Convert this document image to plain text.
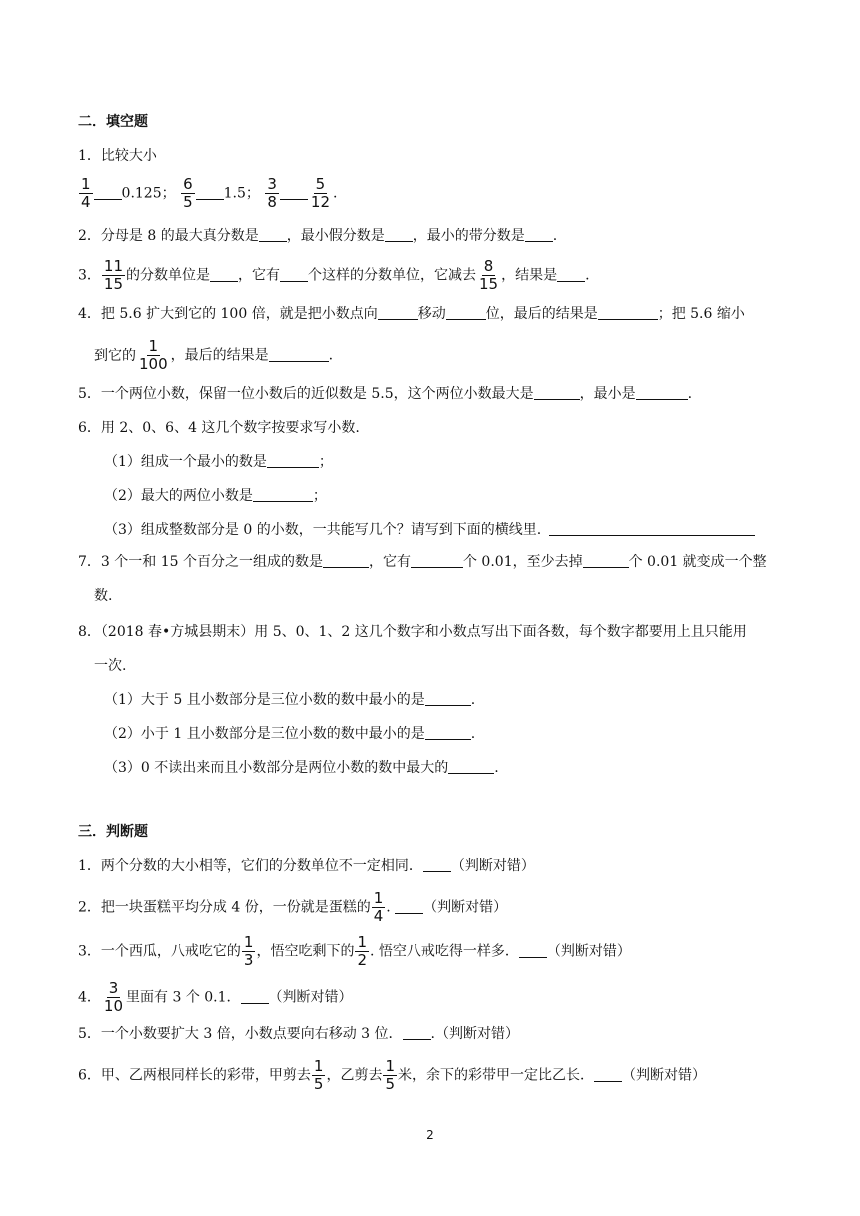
二．填空题
1．比较大小
$\frac{1}{4} 0.125$； $\frac{6}{5} 1.5$； $\frac{3}{8} \frac{5}{12}$ .
2．分母是 8 的最大真分数是 ，最小假分数是 ，最小的带分数是 .
3． $\frac{11}{15}$ 的分数单位是 ，它有 个这样的分数单位，它减去 $\frac{8}{15}$ ，结果是 .
4．把 5.6 扩大到它的 100 倍，就是把小数点向	移动	位，最后的结果是	；把 5.6 缩小
到它的 $\frac{1}{100}$ ，最后的结果是	.
5．一个两位小数，保留一位小数后的近似数是 5.5，这个两位小数最大是	，最小是	.
6．用 2、0、6、4 这几个数字按要求写小数.
（1）组成一个最小的数是	；
（2）最大的两位小数是	；
（3）组成整数部分是 0 的小数，一共能写几个？请写到下面的横线里.
7．3 个一和 15 个百分之一组成的数是	，它有	个 0.01，至少去掉	个 0.01 就变成一个整
数.
8．（2018 春•方城县期末）用 5、0、1、2 这几个数字和小数点写出下面各数，每个数字都要用上且只能用
一次.
（1）大于 5 且小数部分是三位小数的数中最小的是	.
（2）小于 1 且小数部分是三位小数的数中最小的是	.
（3）0 不读出来而且小数部分是两位小数的数中最大的	.
三．判断题
1．两个分数的大小相等，它们的分数单位不一定相同． （判断对错）
2．把一块蛋糕平均分成 4 份，一份就是蛋糕的 $\frac{1}{4}$ . （判断对错）
3．一个西瓜，八戒吃它的 $\frac{1}{3}$ ，悟空吃剩下的 $\frac{1}{2}$ . 悟空八戒吃得一样多． （判断对错）
4． $\frac{3}{10}$ 里面有 3 个 0.1． （判断对错）
5．一个小数要扩大 3 倍，小数点要向右移动 3 位． .（判断对错）
6．甲、乙两根同样长的彩带，甲剪去 $\frac{1}{5}$ ，乙剪去 $\frac{1}{5}$ 米，余下的彩带甲一定比乙长． （判断对错）
2
